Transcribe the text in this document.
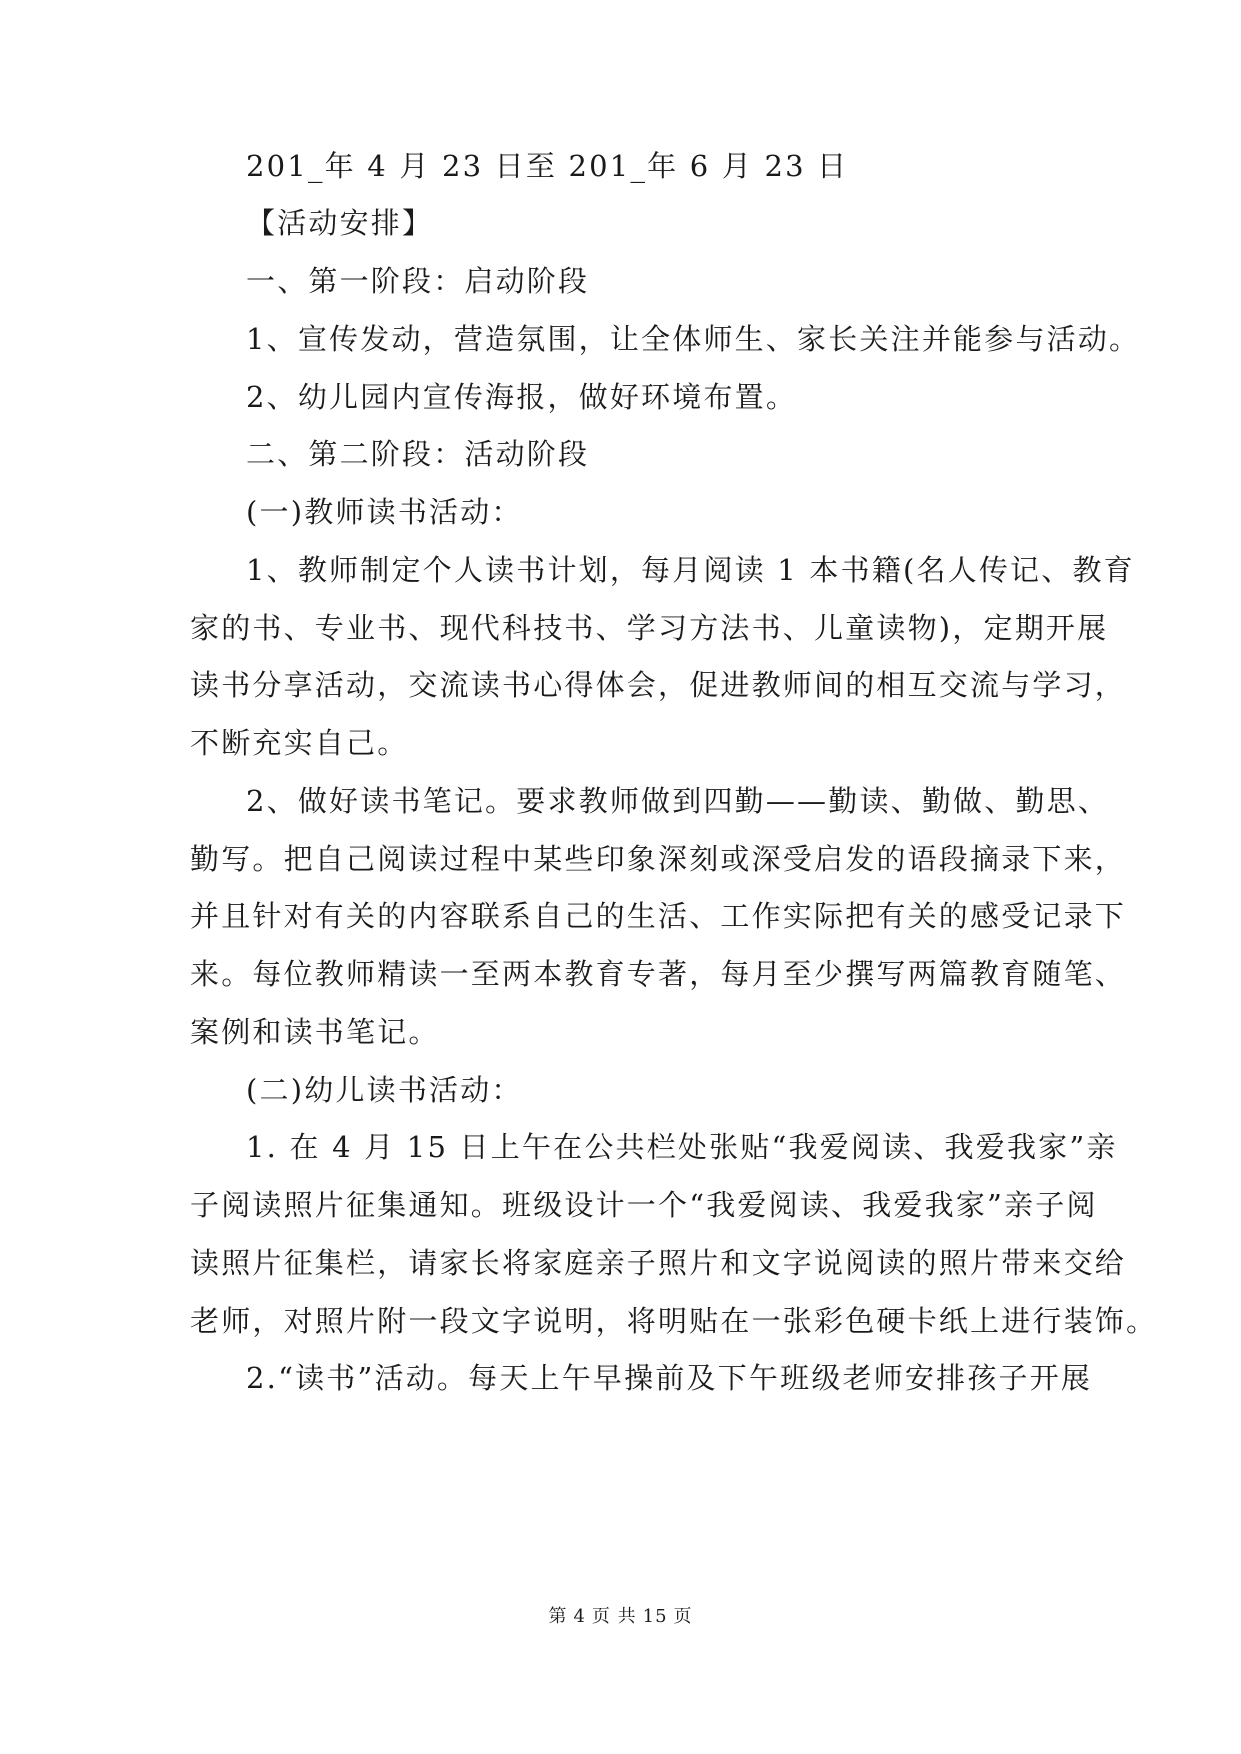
201_年 4 月 23 日至 201_年 6 月 23 日
【活动安排】
一、第一阶段：启动阶段
1、宣传发动，营造氛围，让全体师生、家长关注并能参与活动。
2、幼儿园内宣传海报，做好环境布置。
二、第二阶段：活动阶段
(一)教师读书活动：
1、教师制定个人读书计划，每月阅读 1 本书籍(名人传记、教育
家的书、专业书、现代科技书、学习方法书、儿童读物)，定期开展
读书分享活动，交流读书心得体会，促进教师间的相互交流与学习，
不断充实自己。
2、做好读书笔记。要求教师做到四勤——勤读、勤做、勤思、
勤写。把自己阅读过程中某些印象深刻或深受启发的语段摘录下来，
并且针对有关的内容联系自己的生活、工作实际把有关的感受记录下
来。每位教师精读一至两本教育专著，每月至少撰写两篇教育随笔、
案例和读书笔记。
(二)幼儿读书活动：
1. 在 4 月 15 日上午在公共栏处张贴“我爱阅读、我爱我家”亲
子阅读照片征集通知。班级设计一个“我爱阅读、我爱我家”亲子阅
读照片征集栏，请家长将家庭亲子照片和文字说阅读的照片带来交给
老师，对照片附一段文字说明，将明贴在一张彩色硬卡纸上进行装饰。
2.“读书”活动。每天上午早操前及下午班级老师安排孩子开展
第 4 页 共 15 页
